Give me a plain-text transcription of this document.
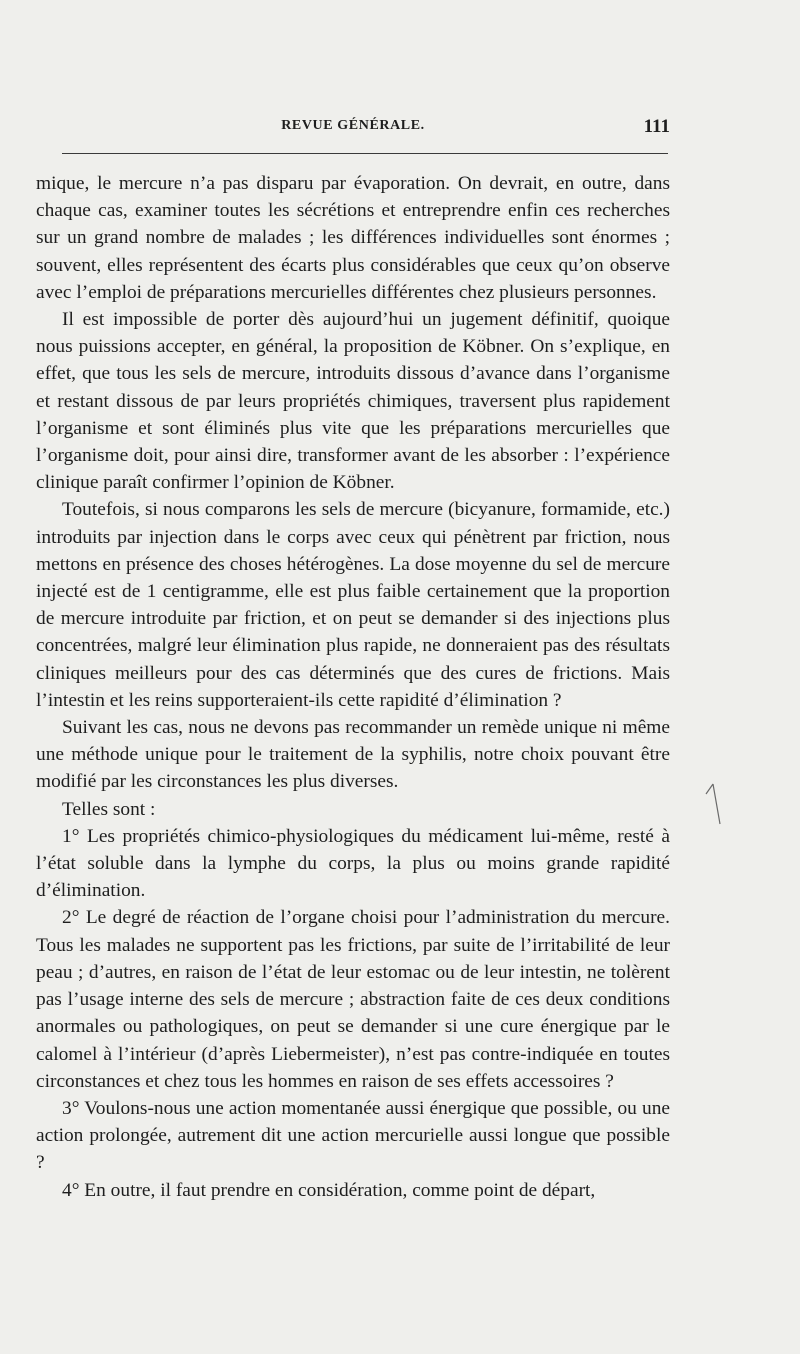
REVUE GÉNÉRALE.	111

mique, le mercure n’a pas disparu par évaporation. On devrait, en outre, dans chaque cas, examiner toutes les sécrétions et entreprendre enfin ces recherches sur un grand nombre de malades ; les différences individuelles sont énormes ; souvent, elles représentent des écarts plus considérables que ceux qu’on observe avec l’emploi de préparations mercurielles différentes chez plusieurs personnes.

Il est impossible de porter dès aujourd’hui un jugement définitif, quoique nous puissions accepter, en général, la proposition de Köbner. On s’explique, en effet, que tous les sels de mercure, introduits dissous d’avance dans l’organisme et restant dissous de par leurs propriétés chimiques, traversent plus rapidement l’organisme et sont éliminés plus vite que les préparations mercurielles que l’organisme doit, pour ainsi dire, transformer avant de les absorber : l’expérience clinique paraît confirmer l’opinion de Köbner.

Toutefois, si nous comparons les sels de mercure (bicyanure, formamide, etc.) introduits par injection dans le corps avec ceux qui pénètrent par friction, nous mettons en présence des choses hétérogènes. La dose moyenne du sel de mercure injecté est de 1 centigramme, elle est plus faible certainement que la proportion de mercure introduite par friction, et on peut se demander si des injections plus concentrées, malgré leur élimination plus rapide, ne donneraient pas des résultats cliniques meilleurs pour des cas déterminés que des cures de frictions. Mais l’intestin et les reins supporteraient-ils cette rapidité d’élimination ?

Suivant les cas, nous ne devons pas recommander un remède unique ni même une méthode unique pour le traitement de la syphilis, notre choix pouvant être modifié par les circonstances les plus diverses.

Telles sont :

1° Les propriétés chimico-physiologiques du médicament lui-même, resté à l’état soluble dans la lymphe du corps, la plus ou moins grande rapidité d’élimination.

2° Le degré de réaction de l’organe choisi pour l’administration du mercure. Tous les malades ne supportent pas les frictions, par suite de l’irritabilité de leur peau ; d’autres, en raison de l’état de leur estomac ou de leur intestin, ne tolèrent pas l’usage interne des sels de mercure ; abstraction faite de ces deux conditions anormales ou pathologiques, on peut se demander si une cure énergique par le calomel à l’intérieur (d’après Liebermeister), n’est pas contre-indiquée en toutes circonstances et chez tous les hommes en raison de ses effets accessoires ?

3° Voulons-nous une action momentanée aussi énergique que possible, ou une action prolongée, autrement dit une action mercurielle aussi longue que possible ?

4° En outre, il faut prendre en considération, comme point de départ,
